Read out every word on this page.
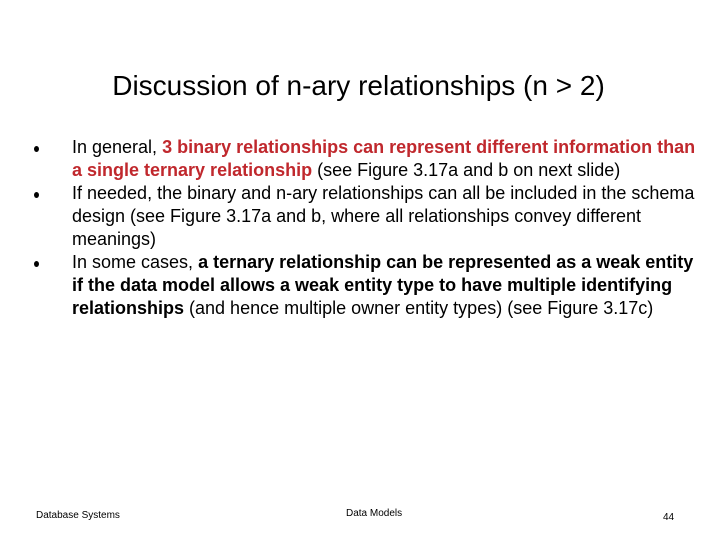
Discussion of n-ary relationships (n > 2)
In general, 3 binary relationships can represent different information than a single ternary relationship (see Figure 3.17a and b on next slide)
If needed, the binary and n-ary relationships can all be included in the schema design (see Figure 3.17a and b, where all relationships convey different meanings)
In some cases, a ternary relationship can be represented as a weak entity if the data model allows a weak entity type to have multiple identifying relationships (and hence multiple owner entity types) (see Figure 3.17c)
Database Systems	Data Models	44
